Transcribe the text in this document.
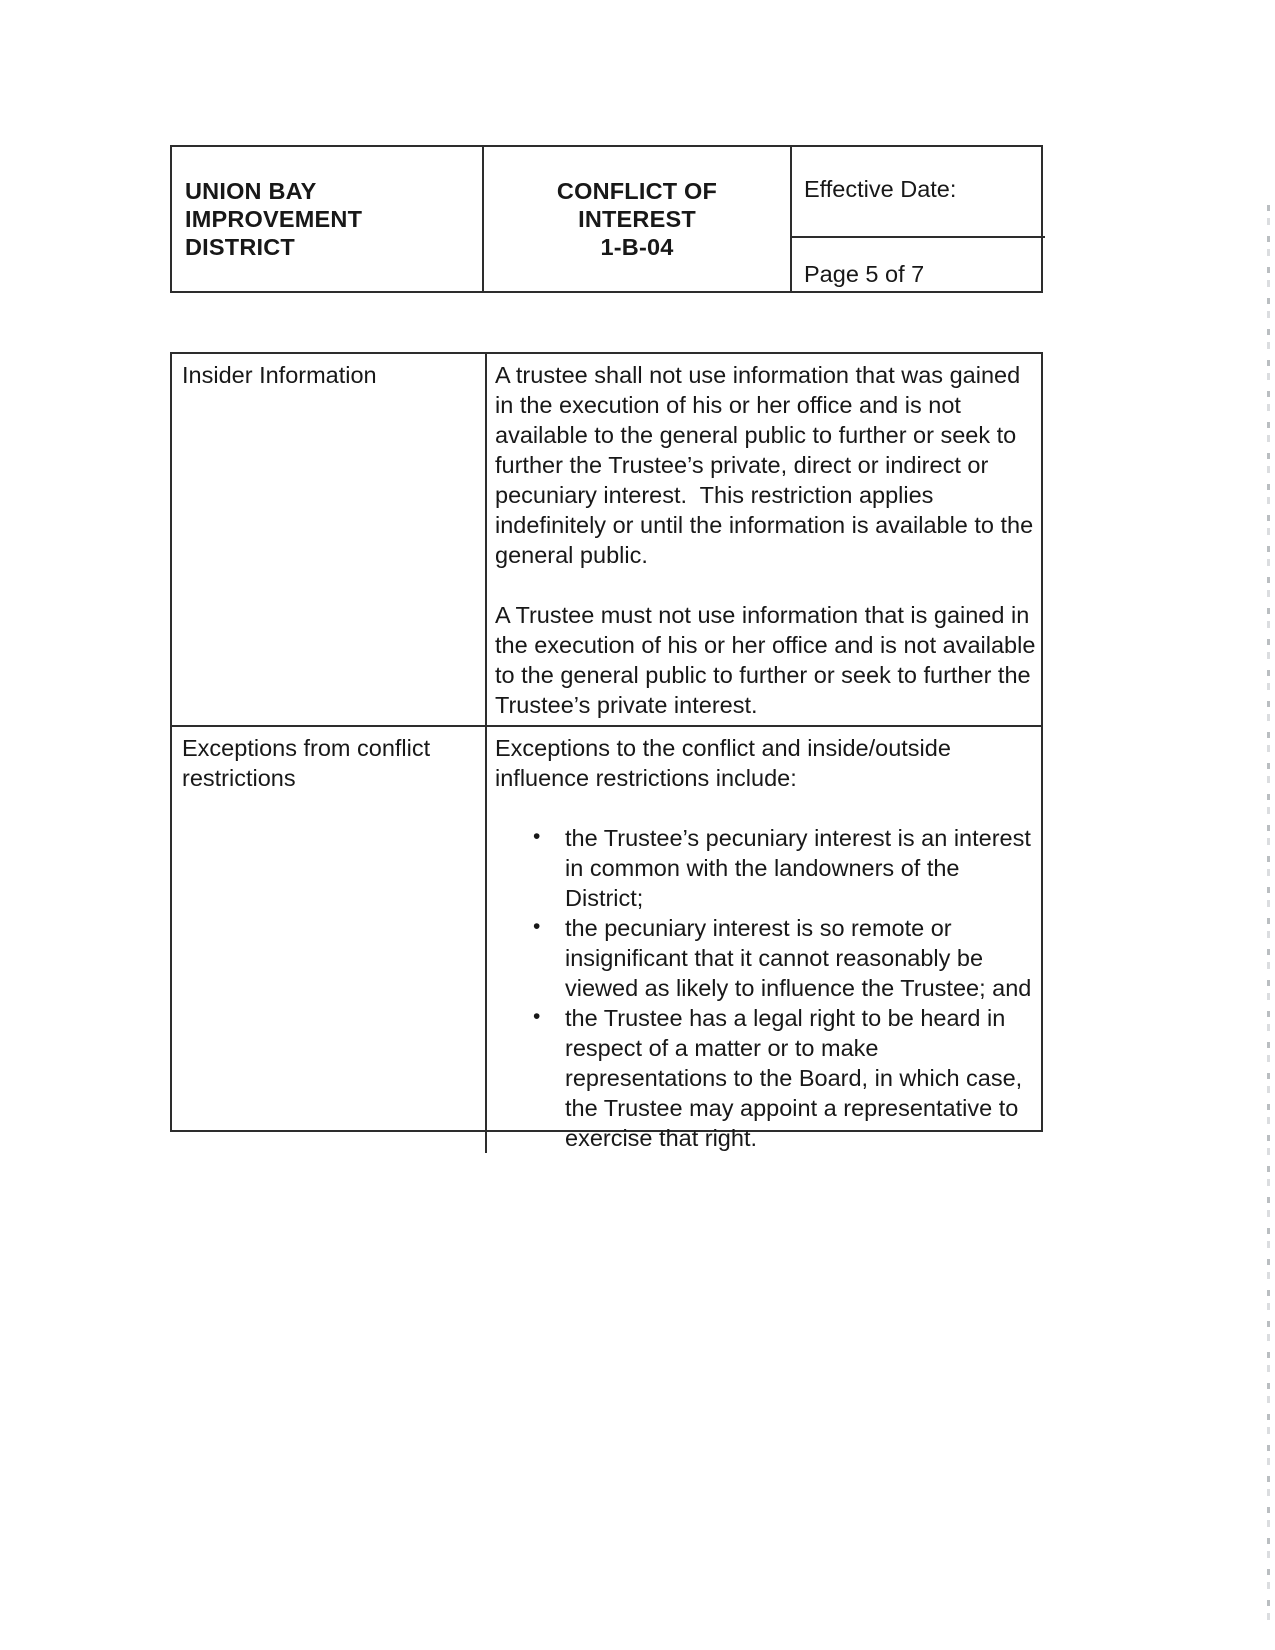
UNION BAY
IMPROVEMENT
DISTRICT
CONFLICT OF
INTEREST
1-B-04
Effective Date:
Page 5 of 7
Insider Information	A trustee shall not use information that was gained in the execution of his or her office and is not available to the general public to further or seek to further the Trustee’s private, direct or indirect or pecuniary interest.  This restriction applies indefinitely or until the information is available to the general public.

A Trustee must not use information that is gained in the execution of his or her office and is not available to the general public to further or seek to further the Trustee’s private interest.

Exceptions from conflict restrictions

Exceptions to the conflict and inside/outside influence restrictions include:

• the Trustee’s pecuniary interest is an interest in common with the landowners of the District;
• the pecuniary interest is so remote or insignificant that it cannot reasonably be viewed as likely to influence the Trustee; and
• the Trustee has a legal right to be heard in respect of a matter or to make representations to the Board, in which case, the Trustee may appoint a representative to exercise that right.
